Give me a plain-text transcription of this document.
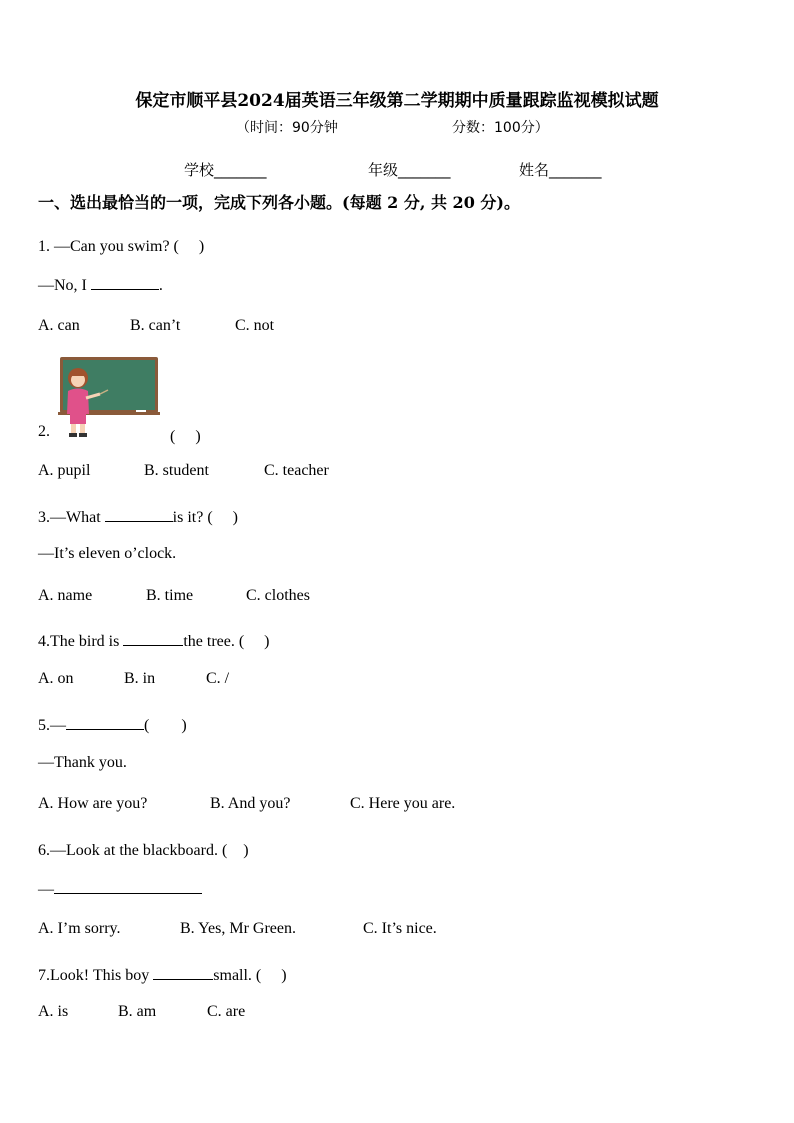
保定市顺平县2024届英语三年级第二学期期中质量跟踪监视模拟试题
（时间：90分钟	分数：100分）
学校_______	年级_______	姓名_______
一、选出最恰当的一项，完成下列各小题。(每题 2 分, 共 20 分)。
1. —Can you swim? (　 )
—No, I	.
A. can	B. can’t	C. not
2.	(　 )
A. pupil	B. student	C. teacher
3.—What	is it? (　 )
—It’s eleven o’clock.
A. name	B. time	C. clothes
4.The bird is	the tree. (　 )
A. on	B. in	C. /
5.—	(　　)
—Thank you.
A. How are you?	B. And you?	C. Here you are.
6.—Look at the blackboard. (　)
—
A. I’m sorry.	B. Yes, Mr Green.	C. It’s nice.
7.Look! This boy	small. (　 )
A. is	B. am	C. are
